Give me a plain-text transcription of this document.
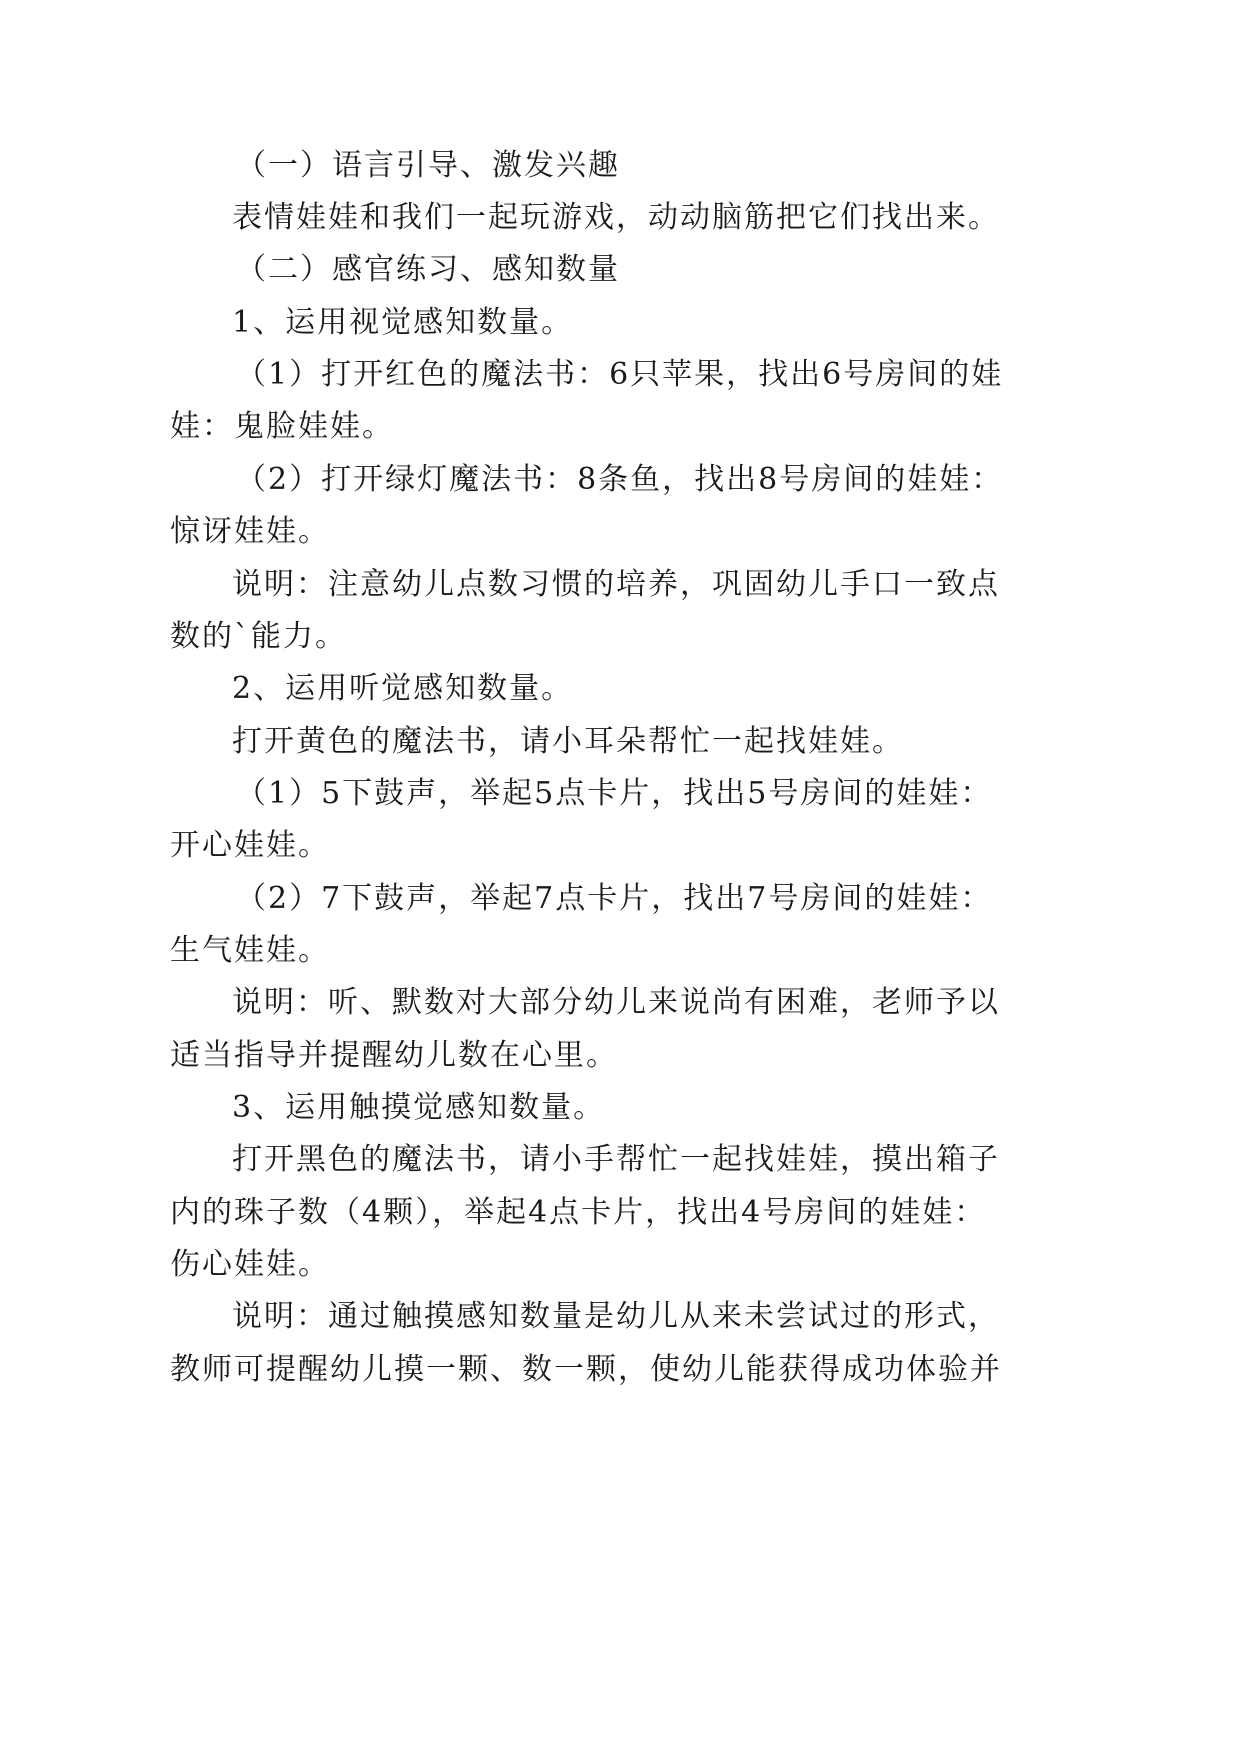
（一）语言引导、激发兴趣
表情娃娃和我们一起玩游戏，动动脑筋把它们找出来。
（二）感官练习、感知数量
1、运用视觉感知数量。
（1）打开红色的魔法书：6只苹果，找出6号房间的娃
娃：鬼脸娃娃。
（2）打开绿灯魔法书：8条鱼，找出8号房间的娃娃：
惊讶娃娃。
说明：注意幼儿点数习惯的培养，巩固幼儿手口一致点
数的`能力。
2、运用听觉感知数量。
打开黄色的魔法书，请小耳朵帮忙一起找娃娃。
（1）5下鼓声，举起5点卡片，找出5号房间的娃娃：
开心娃娃。
（2）7下鼓声，举起7点卡片，找出7号房间的娃娃：
生气娃娃。
说明：听、默数对大部分幼儿来说尚有困难，老师予以
适当指导并提醒幼儿数在心里。
3、运用触摸觉感知数量。
打开黑色的魔法书，请小手帮忙一起找娃娃，摸出箱子
内的珠子数（4颗），举起4点卡片，找出4号房间的娃娃：
伤心娃娃。
说明：通过触摸感知数量是幼儿从来未尝试过的形式，
教师可提醒幼儿摸一颗、数一颗，使幼儿能获得成功体验并
